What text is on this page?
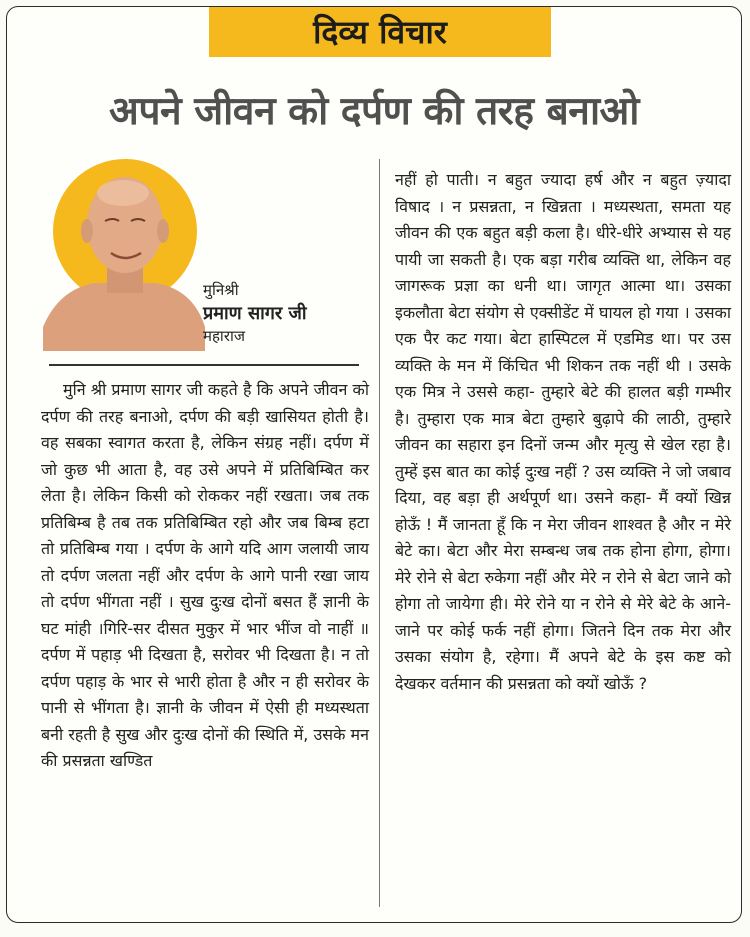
दिव्य विचार
अपने जीवन को दर्पण की तरह बनाओ
मुनिश्री
प्रमाण सागर जी
महाराज

मुनि श्री प्रमाण सागर जी कहते है कि अपने जीवन को दर्पण की तरह बनाओ, दर्पण की बड़ी खासियत होती है। वह सबका स्वागत करता है, लेकिन संग्रह नहीं। दर्पण में जो कुछ भी आता है, वह उसे अपने में प्रतिबिम्बित कर लेता है। लेकिन किसी को रोककर नहीं रखता। जब तक प्रतिबिम्ब है तब तक प्रतिबिम्बित रहो और जब बिम्ब हटा तो प्रतिबिम्ब गया । दर्पण के आगे यदि आग जलायी जाय तो दर्पण जलता नहीं और दर्पण के आगे पानी रखा जाय तो दर्पण भींगता नहीं । सुख दुःख दोनों बसत हैं ज्ञानी के घट मांही ।गिरि-सर दीसत मुकुर में भार भींज वो नाहीं ॥ दर्पण में पहाड़ भी दिखता है, सरोवर भी दिखता है। न तो दर्पण पहाड़ के भार से भारी होता है और न ही सरोवर के पानी से भींगता है। ज्ञानी के जीवन में ऐसी ही मध्यस्थता बनी रहती है सुख और दुःख दोनों की स्थिति में, उसके मन की प्रसन्नता खण्डित

नहीं हो पाती। न बहुत ज्यादा हर्ष और न बहुत ज़्यादा विषाद । न प्रसन्नता, न खिन्नता । मध्यस्थता, समता यह जीवन की एक बहुत बड़ी कला है। धीरे-धीरे अभ्यास से यह पायी जा सकती है। एक बड़ा गरीब व्यक्ति था, लेकिन वह जागरूक प्रज्ञा का धनी था। जागृत आत्मा था। उसका इकलौता बेटा संयोग से एक्सीडेंट में घायल हो गया । उसका एक पैर कट गया। बेटा हास्पिटल में एडमिड था। पर उस व्यक्ति के मन में किंचित भी शिकन तक नहीं थी । उसके एक मित्र ने उससे कहा- तुम्हारे बेटे की हालत बड़ी गम्भीर है। तुम्हारा एक मात्र बेटा तुम्हारे बुढ़ापे की लाठी, तुम्हारे जीवन का सहारा इन दिनों जन्म और मृत्यु से खेल रहा है। तुम्हें इस बात का कोई दुःख नहीं ? उस व्यक्ति ने जो जबाव दिया, वह बड़ा ही अर्थपूर्ण था। उसने कहा- मैं क्यों खिन्न होऊँ ! मैं जानता हूँ कि न मेरा जीवन शाश्वत है और न मेरे बेटे का। बेटा और मेरा सम्बन्ध जब तक होना होगा, होगा। मेरे रोने से बेटा रुकेगा नहीं और मेरे न रोने से बेटा जाने को होगा तो जायेगा ही। मेरे रोने या न रोने से मेरे बेटे के आने-जाने पर कोई फर्क नहीं होगा। जितने दिन तक मेरा और उसका संयोग है, रहेगा। मैं अपने बेटे के इस कष्ट को देखकर वर्तमान की प्रसन्नता को क्यों खोऊँ ?
